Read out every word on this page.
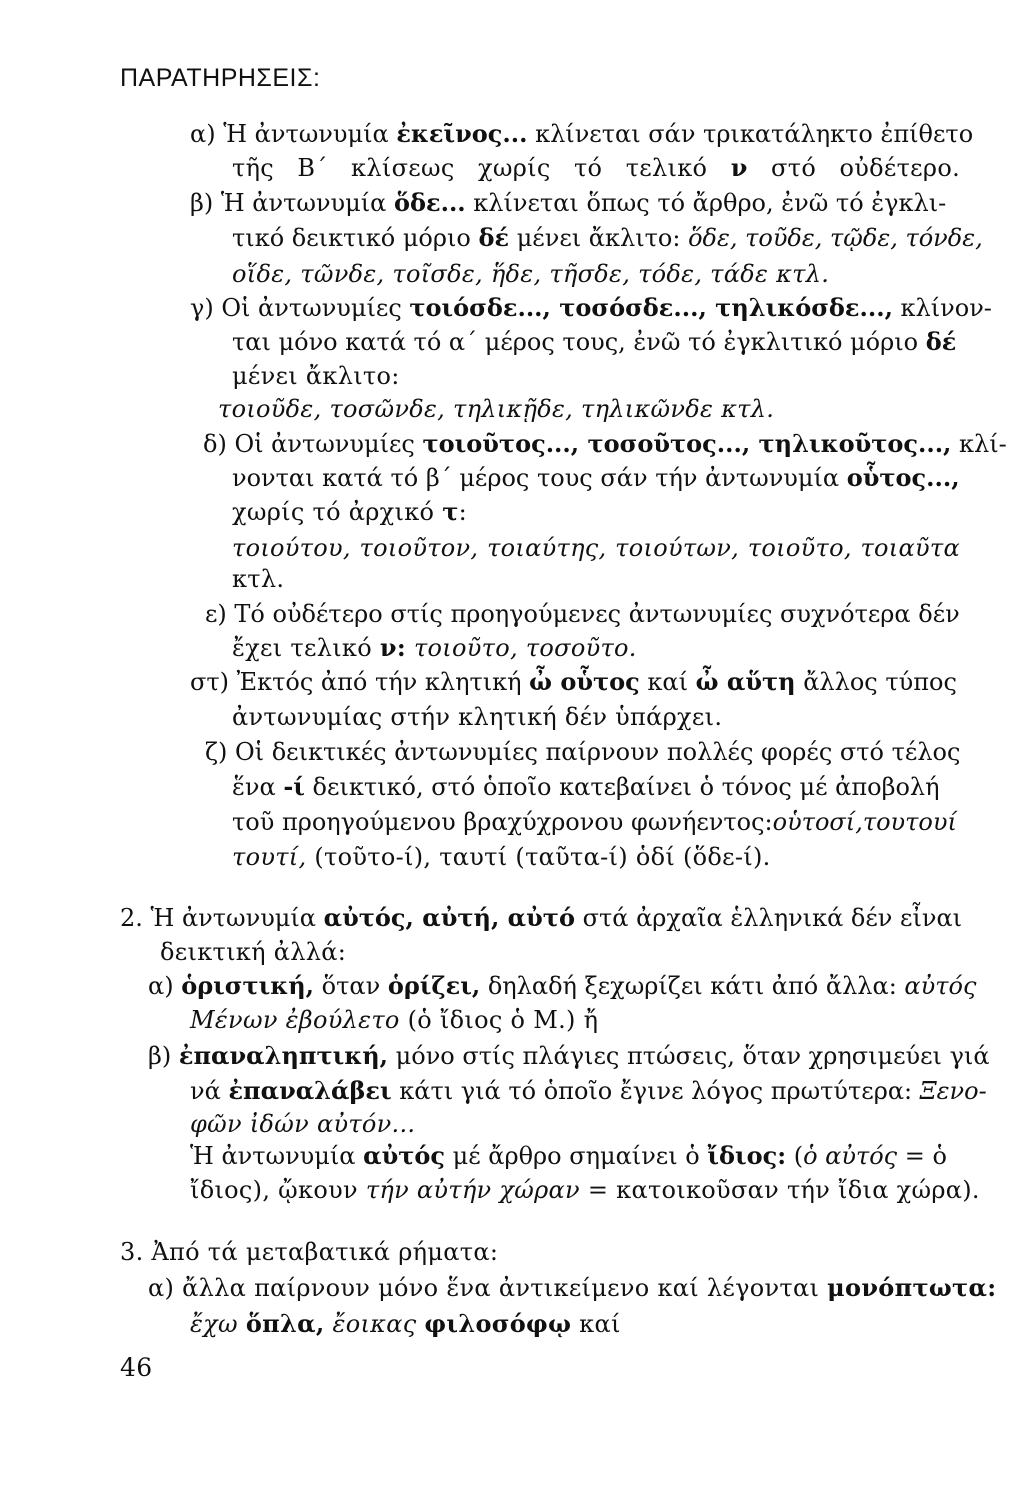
ΠΑΡΑΤΗΡΗΣΕΙΣ:
α) Ἡ ἀντωνυμία ἐκεῖνος... κλίνεται σάν τρικατάληκτο ἐπίθετο
τῆς Β΄ κλίσεως χωρίς τό τελικό ν στό οὐδέτερο.
β) Ἡ ἀντωνυμία ὅδε... κλίνεται ὅπως τό ἄρθρο, ἐνῶ τό ἐγκλι-
τικό δεικτικό μόριο δέ μένει ἄκλιτο: ὅδε, τοῦδε, τῷδε, τόνδε,
οἵδε, τῶνδε, τοῖσδε, ἥδε, τῆσδε, τόδε, τάδε κτλ.
γ) Οἱ ἀντωνυμίες τοιόσδε..., τοσόσδε..., τηλικόσδε..., κλίνον-
ται μόνο κατά τό α΄ μέρος τους, ἐνῶ τό ἐγκλιτικό μόριο δέ
μένει ἄκλιτο:
τοιοῦδε, τοσῶνδε, τηλικῇδε, τηλικῶνδε κτλ.
δ) Οἱ ἀντωνυμίες τοιοῦτος..., τοσοῦτος..., τηλικοῦτος..., κλί-
νονται κατά τό β΄ μέρος τους σάν τήν ἀντωνυμία οὗτος...,
χωρίς τό ἀρχικό τ:
τοιούτου, τοιοῦτον, τοιαύτης, τοιούτων, τοιοῦτο, τοιαῦτα
κτλ.
ε) Τό οὐδέτερο στίς προηγούμενες ἀντωνυμίες συχνότερα δέν
ἔχει τελικό ν: τοιοῦτο, τοσοῦτο.
στ) Ἐκτός ἀπό τήν κλητική ὦ οὗτος καί ὦ αὕτη ἄλλος τύπος
ἀντωνυμίας στήν κλητική δέν ὑπάρχει.
ζ) Οἱ δεικτικές ἀντωνυμίες παίρνουν πολλές φορές στό τέλος
ἕνα -ί δεικτικό, στό ὁποῖο κατεβαίνει ὁ τόνος μέ ἀποβολή
τοῦ προηγούμενου βραχύχρονου φωνήεντος:οὑτοσί,τουτουί
τουτί, (τοῦτο-ί), ταυτί (ταῦτα-ί) ὁδί (ὅδε-ί).
2. Ἡ ἀντωνυμία αὐτός, αὐτή, αὐτό στά ἀρχαῖα ἑλληνικά δέν εἶναι
δεικτική ἀλλά:
α) ὁριστική, ὅταν ὁρίζει, δηλαδή ξεχωρίζει κάτι ἀπό ἄλλα: αὐτός
Μένων ἐβούλετο (ὁ ἴδιος ὁ Μ.) ἤ
β) ἐπαναληπτική, μόνο στίς πλάγιες πτώσεις, ὅταν χρησιμεύει γιά
νά ἐπαναλάβει κάτι γιά τό ὁποῖο ἔγινε λόγος πρωτύτερα: Ξενο-
φῶν ἰδών αὐτόν...
Ἡ ἀντωνυμία αὐτός μέ ἄρθρο σημαίνει ὁ ἴδιος: (ὁ αὐτός = ὁ
ἴδιος), ᾤκουν τήν αὐτήν χώραν = κατοικοῦσαν τήν ἴδια χώρα).
3. Ἀπό τά μεταβατικά ρήματα:
α) ἄλλα παίρνουν μόνο ἕνα ἀντικείμενο καί λέγονται μονόπτωτα:
ἔχω ὅπλα, ἔοικας φιλοσόφῳ καί
46
